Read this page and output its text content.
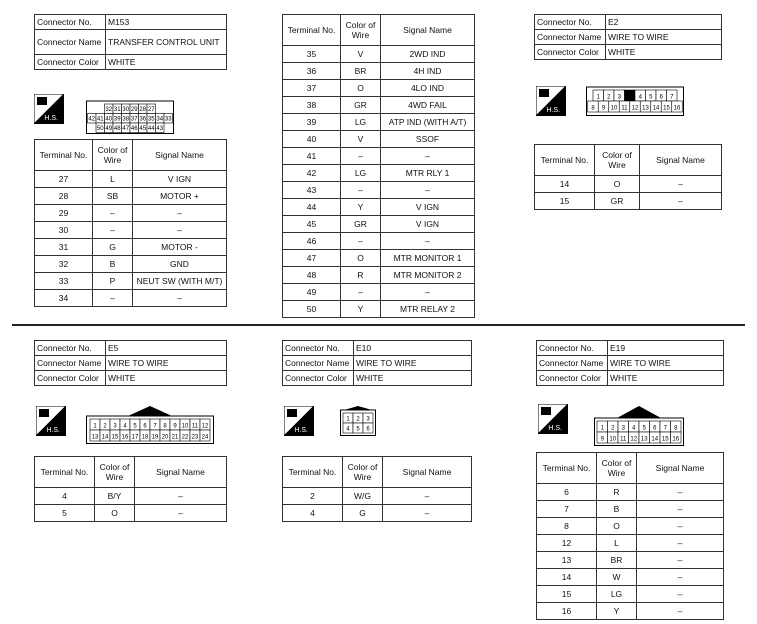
Connector No.	M153
Connector Name	TRANSFER CONTROL UNIT
Connector Color	WHITE
H.S.
32 31 30 29 28 27
42 41 40 39 38 37 36 35 34 33
50 49 48 47 46 45 44 43
Terminal No.	Color of Wire	Signal Name
27	L	V IGN
28	SB	MOTOR +
29	–	–
30	–	–
31	G	MOTOR -
32	B	GND
33	P	NEUT SW (WITH M/T)
34	–	–
Terminal No.	Color of Wire	Signal Name
35	V	2WD IND
36	BR	4H IND
37	O	4LO IND
38	GR	4WD FAIL
39	LG	ATP IND (WITH A/T)
40	V	SSOF
41	–	–
42	LG	MTR RLY 1
43	–	–
44	Y	V IGN
45	GR	V IGN
46	–	–
47	O	MTR MONITOR 1
48	R	MTR MONITOR 2
49	–	–
50	Y	MTR RELAY 2
Connector No.	E2
Connector Name	WIRE TO WIRE
Connector Color	WHITE
H.S.
1 2 3	4 5 6 7
8 9 10 11 12 13 14 15 16
Terminal No.	Color of Wire	Signal Name
14	O	–
15	GR	–
Connector No.	E5
Connector Name	WIRE TO WIRE
Connector Color	WHITE
H.S.
1 2 3 4 5 6 7 8 9 10 11 12
13 14 15 16 17 18 19 20 21 22 23 24
Terminal No.	Color of Wire	Signal Name
4	B/Y	–
5	O	–
Connector No.	E10
Connector Name	WIRE TO WIRE
Connector Color	WHITE
H.S.
1 2 3
4 5 6
Terminal No.	Color of Wire	Signal Name
2	W/G	–
4	G	–
Connector No.	E19
Connector Name	WIRE TO WIRE
Connector Color	WHITE
H.S.	1 2 3 4 5 6 7 8
9 10 11 12 13 14 15 16
Terminal No.	Color of Wire	Signal Name
6	R	–
7	B	–
8	O	–
12	L	–
13	BR	–
14	W	–
15	LG	–
16	Y	–
